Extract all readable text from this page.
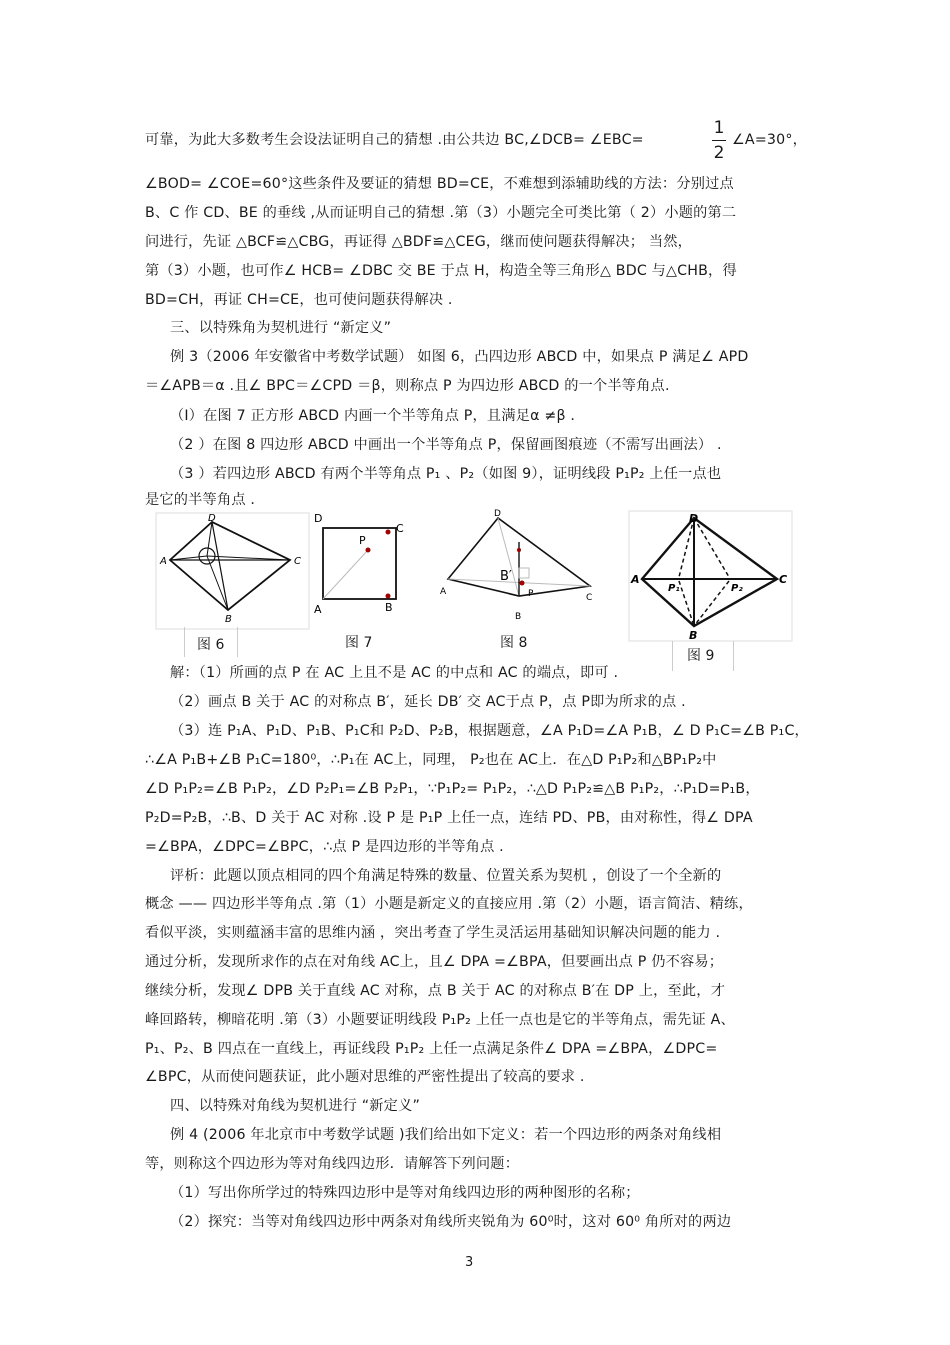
可靠，为此大多数考生会设法证明自己的猜想 .由公共边 BC,∠DCB= ∠EBC=
1
2
∠A=30°，
∠BOD= ∠COE=60°这些条件及要证的猜想 BD=CE，不难想到添辅助线的方法：分别过点
B、C 作 CD、BE 的垂线 ,从而证明自己的猜想 .第（3）小题完全可类比第（ 2）小题的第二
问进行，先证 △BCF≌△CBG，再证得 △BDF≌△CEG，继而使问题获得解决； 当然，
第（3）小题，也可作∠ HCB= ∠DBC 交 BE 于点 H，构造全等三角形△ BDC 与△CHB，得
BD=CH，再证 CH=CE，也可使问题获得解决 .
三、以特殊角为契机进行 “新定义”
例 3（2006 年安徽省中考数学试题） 如图 6，凸四边形 ABCD 中，如果点 P 满足∠ APD
＝∠APB＝α .且∠ BPC＝∠CPD ＝β，则称点 P 为四边形 ABCD 的一个半等角点.
（Ⅰ）在图 7 正方形 ABCD 内画一个半等角点 P，且满足α ≠β .
（2 ）在图 8 四边形 ABCD 中画出一个半等角点 P，保留画图痕迹（不需写出画法） .
（3 ）若四边形 ABCD 有两个半等角点 P₁ 、P₂（如图 9），证明线段 P₁P₂ 上任一点也
是它的半等角点 .
D
A	C
B
图 6
D
C
P
A	B
图 7
D
B′
A	P
B
C
图 8
D
A	C
B
P₁	P₂
图 9
解：（1）所画的点 P 在 AC 上且不是 AC 的中点和 AC 的端点，即可 .
（2）画点 B 关于 AC 的对称点 B′，延长 DB′ 交 AC于点 P，点 P即为所求的点 .
（3）连 P₁A、P₁D、P₁B、P₁C和 P₂D、P₂B，根据题意，∠A P₁D=∠A P₁B，∠ D P₁C=∠B P₁C，
∴∠A P₁B+∠B P₁C=180⁰，∴P₁在 AC上，同理， P₂也在 AC上．在△D P₁P₂和△BP₁P₂中
∠D P₁P₂=∠B P₁P₂，∠D P₂P₁=∠B P₂P₁，∵P₁P₂= P₁P₂，∴△D P₁P₂≌△B P₁P₂，∴P₁D=P₁B，
P₂D=P₂B，∴B、D 关于 AC 对称 .设 P 是 P₁P 上任一点，连结 PD、PB，由对称性，得∠ DPA
=∠BPA，∠DPC=∠BPC，∴点 P 是四边形的半等角点 .
评析：此题以顶点相同的四个角满足特殊的数量、位置关系为契机 ，创设了一个全新的
概念 —— 四边形半等角点 .第（1）小题是新定义的直接应用 .第（2）小题，语言简洁、精练，
看似平淡，实则蕴涵丰富的思维内涵 ，突出考查了学生灵活运用基础知识解决问题的能力 .
通过分析，发现所求作的点在对角线 AC上，且∠ DPA =∠BPA，但要画出点 P 仍不容易；
继续分析，发现∠ DPB 关于直线 AC 对称，点 B 关于 AC 的对称点 B′在 DP 上，至此，才
峰回路转，柳暗花明 .第（3）小题要证明线段 P₁P₂ 上任一点也是它的半等角点，需先证 A、
P₁、P₂、B 四点在一直线上，再证线段 P₁P₂ 上任一点满足条件∠ DPA =∠BPA，∠DPC=
∠BPC，从而使问题获证，此小题对思维的严密性提出了较高的要求 .
四、以特殊对角线为契机进行 “新定义”
例 4 (2006 年北京市中考数学试题 )我们给出如下定义：若一个四边形的两条对角线相
等，则称这个四边形为等对角线四边形．请解答下列问题：
（1）写出你所学过的特殊四边形中是等对角线四边形的两种图形的名称；
（2）探究：当等对角线四边形中两条对角线所夹锐角为 60⁰时，这对 60⁰ 角所对的两边
3
